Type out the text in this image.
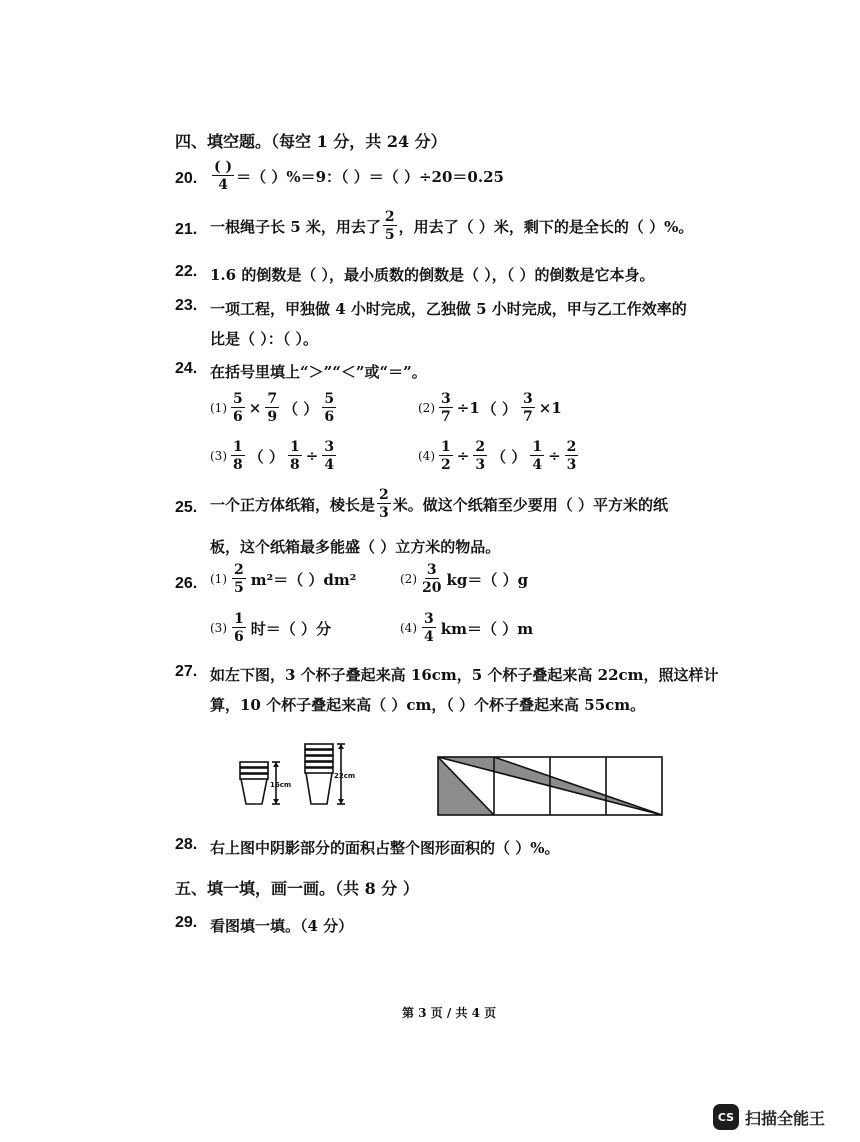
四、填空题。（每空 1 分，共 24 分）
20. $\frac{( )}{4}$ ＝（ ）%＝9：（ ）＝（ ）÷20＝0.25
21. 一根绳子长 5 米，用去了 $\frac{2}{5}$ ，用去了（ ）米，剩下的是全长的（ ）%。
22. 1.6 的倒数是（ ），最小质数的倒数是（ ），（ ）的倒数是它本身。
23. 一项工程，甲独做 4 小时完成，乙独做 5 小时完成，甲与乙工作效率的
比是（ ）：（ ）。
24. 在括号里填上“＞”“＜”或“＝”。
$(1) \frac{5}{6} \times \frac{7}{9}$ （ ） $\frac{5}{6}$	$(2) \frac{3}{7} \div 1$ （ ） $\frac{3}{7} \times 1$
$(3) \frac{1}{8}$ （ ） $\frac{1}{8} \div \frac{3}{4}$	$(4) \frac{1}{2} \div \frac{2}{3}$ （ ） $\frac{1}{4} \div \frac{2}{3}$
25. 一个正方体纸箱，棱长是 $\frac{2}{3}$ 米。做这个纸箱至少要用（ ）平方米的纸
板，这个纸箱最多能盛（ ）立方米的物品。
26. $(1) \frac{2}{5} m^2=$（ ）dm²	$(2) \frac{3}{20} kg=$（ ）g
$(3) \frac{1}{6}$ 时＝（ ）分	$(4) \frac{3}{4} km=$（ ）m
27. 如左下图，3 个杯子叠起来高 16cm，5 个杯子叠起来高 22cm，照这样计
算，10 个杯子叠起来高（ ）cm，（ ）个杯子叠起来高 55cm。
16cm
22cm
28. 右上图中阴影部分的面积占整个图形面积的（ ）%。
五、填一填，画一画。（共 8 分 ）
29. 看图填一填。（4 分）
第 3 页 / 共 4 页
CS 扫描全能王
